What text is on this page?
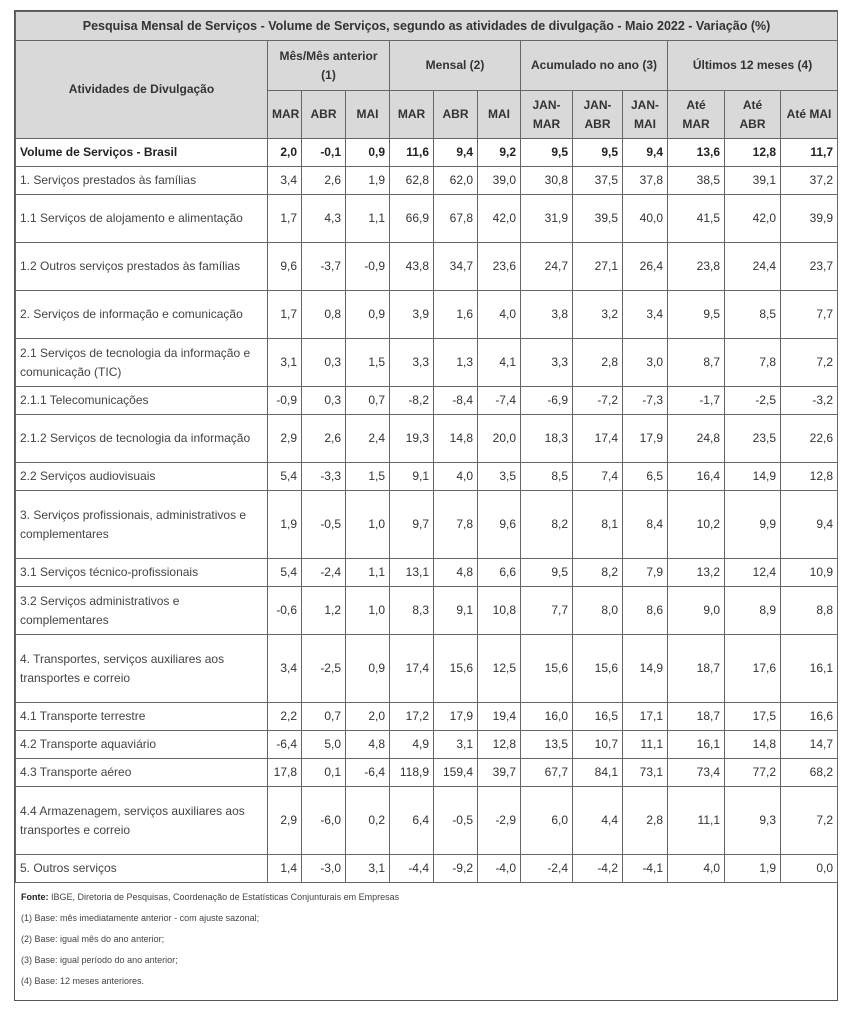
Pesquisa Mensal de Serviços - Volume de Serviços, segundo as atividades de divulgação - Maio 2022 - Variação (%)												
Atividades de Divulgação	Mês/Mês anterior (1)			Mensal (2)			Acumulado no ano (3)			Últimos 12 meses (4)		
	MAR	ABR	MAI	MAR	ABR	MAI	JAN-MAR	JAN-ABR	JAN-MAI	Até MAR	Até ABR	Até MAI
Volume de Serviços - Brasil	2,0	-0,1	0,9	11,6	9,4	9,2	9,5	9,5	9,4	13,6	12,8	11,7
1. Serviços prestados às famílias	3,4	2,6	1,9	62,8	62,0	39,0	30,8	37,5	37,8	38,5	39,1	37,2
1.1 Serviços de alojamento e alimentação	1,7	4,3	1,1	66,9	67,8	42,0	31,9	39,5	40,0	41,5	42,0	39,9
1.2 Outros serviços prestados às famílias	9,6	-3,7	-0,9	43,8	34,7	23,6	24,7	27,1	26,4	23,8	24,4	23,7
2. Serviços de informação e comunicação	1,7	0,8	0,9	3,9	1,6	4,0	3,8	3,2	3,4	9,5	8,5	7,7
2.1 Serviços de tecnologia da informação e comunicação (TIC)	3,1	0,3	1,5	3,3	1,3	4,1	3,3	2,8	3,0	8,7	7,8	7,2
2.1.1 Telecomunicações	-0,9	0,3	0,7	-8,2	-8,4	-7,4	-6,9	-7,2	-7,3	-1,7	-2,5	-3,2
2.1.2 Serviços de tecnologia da informação	2,9	2,6	2,4	19,3	14,8	20,0	18,3	17,4	17,9	24,8	23,5	22,6
2.2 Serviços audiovisuais	5,4	-3,3	1,5	9,1	4,0	3,5	8,5	7,4	6,5	16,4	14,9	12,8
3. Serviços profissionais, administrativos e complementares	1,9	-0,5	1,0	9,7	7,8	9,6	8,2	8,1	8,4	10,2	9,9	9,4
3.1 Serviços técnico-profissionais	5,4	-2,4	1,1	13,1	4,8	6,6	9,5	8,2	7,9	13,2	12,4	10,9
3.2 Serviços administrativos e complementares	-0,6	1,2	1,0	8,3	9,1	10,8	7,7	8,0	8,6	9,0	8,9	8,8
4. Transportes, serviços auxiliares aos transportes e correio	3,4	-2,5	0,9	17,4	15,6	12,5	15,6	15,6	14,9	18,7	17,6	16,1
4.1 Transporte terrestre	2,2	0,7	2,0	17,2	17,9	19,4	16,0	16,5	17,1	18,7	17,5	16,6
4.2 Transporte aquaviário	-6,4	5,0	4,8	4,9	3,1	12,8	13,5	10,7	11,1	16,1	14,8	14,7
4.3 Transporte aéreo	17,8	0,1	-6,4	118,9	159,4	39,7	67,7	84,1	73,1	73,4	77,2	68,2
4.4 Armazenagem, serviços auxiliares aos transportes e correio	2,9	-6,0	0,2	6,4	-0,5	-2,9	6,0	4,4	2,8	11,1	9,3	7,2
5. Outros serviços	1,4	-3,0	3,1	-4,4	-9,2	-4,0	-2,4	-4,2	-4,1	4,0	1,9	0,0
Fonte: IBGE, Diretoria de Pesquisas, Coordenação de Estatísticas Conjunturais em Empresas
(1) Base: mês imediatamente anterior - com ajuste sazonal;
(2) Base: igual mês do ano anterior;
(3) Base: igual período do ano anterior;
(4) Base: 12 meses anteriores.
